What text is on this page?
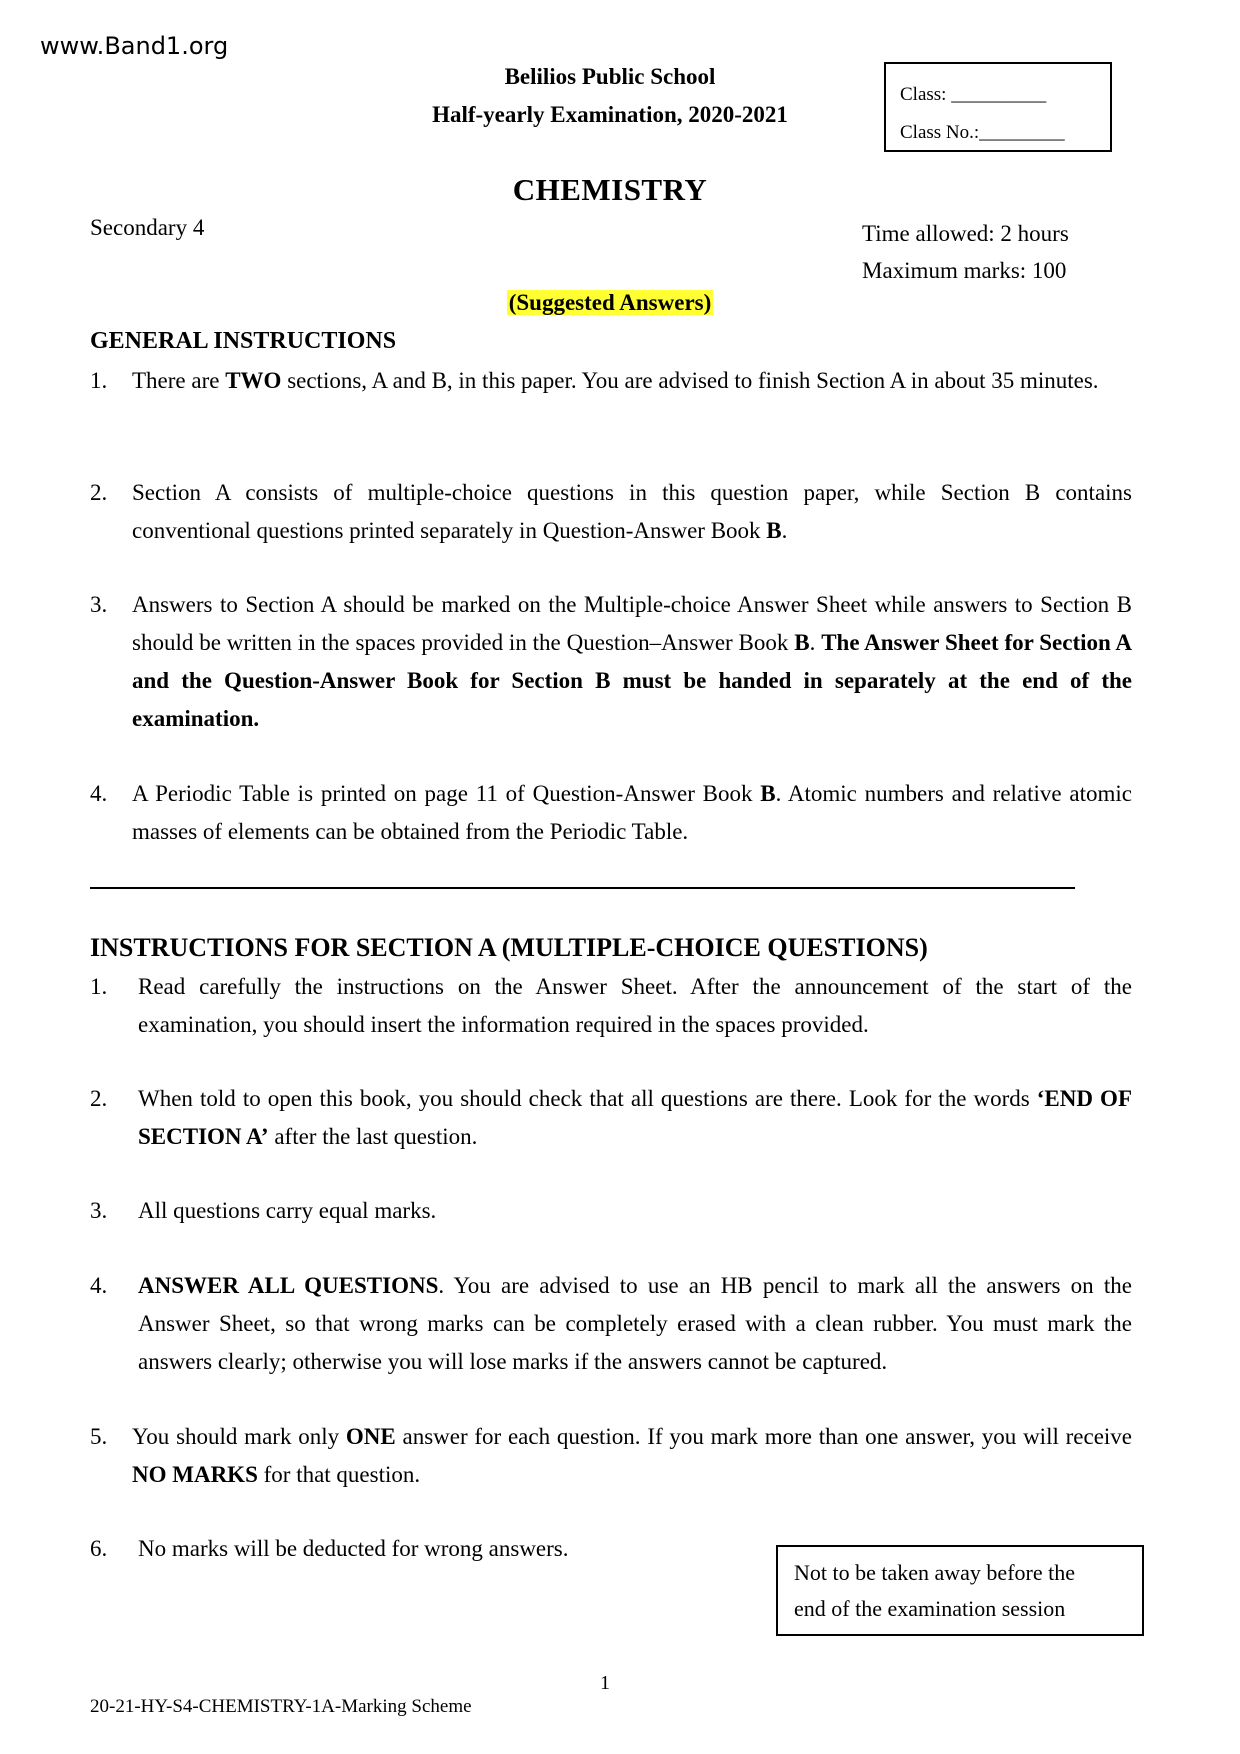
www.Band1.org
Belilios Public School
Half-yearly Examination, 2020-2021
Class: __________
Class No.:_________
CHEMISTRY
Secondary 4	Time allowed: 2 hours
Maximum marks: 100
(Suggested Answers)
GENERAL INSTRUCTIONS
1. There are TWO sections, A and B, in this paper. You are advised to finish Section A in about 35 minutes.
2. Section A consists of multiple-choice questions in this question paper, while Section B contains conventional questions printed separately in Question-Answer Book B.
3. Answers to Section A should be marked on the Multiple-choice Answer Sheet while answers to Section B should be written in the spaces provided in the Question–Answer Book B. The Answer Sheet for Section A and the Question-Answer Book for Section B must be handed in separately at the end of the examination.
4. A Periodic Table is printed on page 11 of Question-Answer Book B. Atomic numbers and relative atomic masses of elements can be obtained from the Periodic Table.
INSTRUCTIONS FOR SECTION A (MULTIPLE-CHOICE QUESTIONS)
1. Read carefully the instructions on the Answer Sheet. After the announcement of the start of the examination, you should insert the information required in the spaces provided.
2. When told to open this book, you should check that all questions are there. Look for the words ‘END OF SECTION A’ after the last question.
3. All questions carry equal marks.
4. ANSWER ALL QUESTIONS. You are advised to use an HB pencil to mark all the answers on the Answer Sheet, so that wrong marks can be completely erased with a clean rubber. You must mark the answers clearly; otherwise you will lose marks if the answers cannot be captured.
5. You should mark only ONE answer for each question. If you mark more than one answer, you will receive NO MARKS for that question.
6. No marks will be deducted for wrong answers.
Not to be taken away before the
end of the examination session
1
20-21-HY-S4-CHEMISTRY-1A-Marking Scheme
